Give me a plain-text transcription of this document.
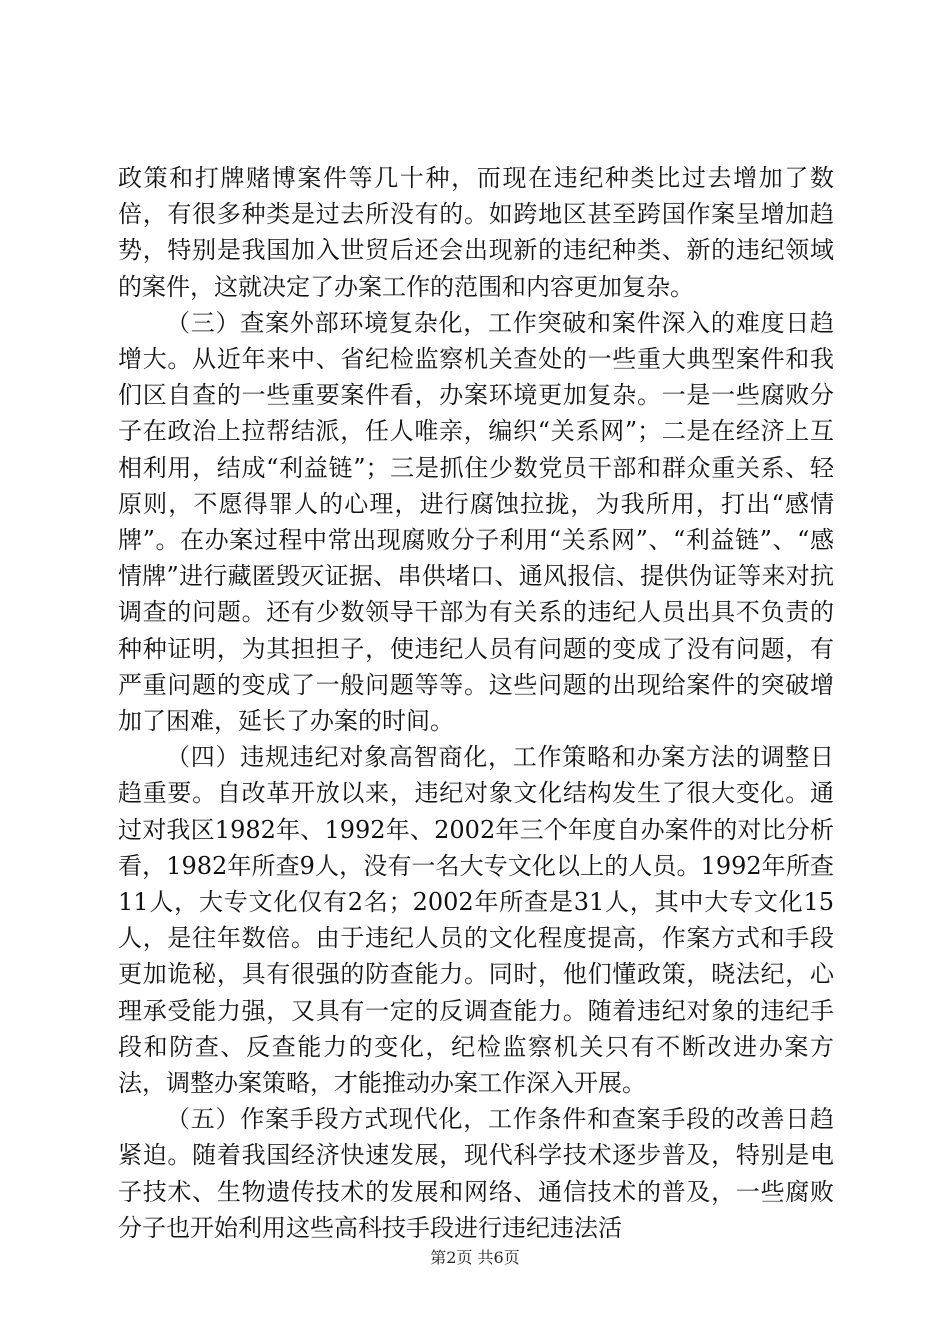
政策和打牌赌博案件等几十种，而现在违纪种类比过去增加了数倍，有很多种类是过去所没有的。如跨地区甚至跨国作案呈增加趋势，特别是我国加入世贸后还会出现新的违纪种类、新的违纪领域的案件，这就决定了办案工作的范围和内容更加复杂。

（三）查案外部环境复杂化，工作突破和案件深入的难度日趋增大。从近年来中、省纪检监察机关查处的一些重大典型案件和我们区自查的一些重要案件看，办案环境更加复杂。一是一些腐败分子在政治上拉帮结派，任人唯亲，编织“关系网”；二是在经济上互相利用，结成“利益链”；三是抓住少数党员干部和群众重关系、轻原则，不愿得罪人的心理，进行腐蚀拉拢，为我所用，打出“感情牌”。在办案过程中常出现腐败分子利用“关系网”、“利益链”、“感情牌”进行藏匿毁灭证据、串供堵口、通风报信、提供伪证等来对抗调查的问题。还有少数领导干部为有关系的违纪人员出具不负责的种种证明，为其担担子，使违纪人员有问题的变成了没有问题，有严重问题的变成了一般问题等等。这些问题的出现给案件的突破增加了困难，延长了办案的时间。

（四）违规违纪对象高智商化，工作策略和办案方法的调整日趋重要。自改革开放以来，违纪对象文化结构发生了很大变化。通过对我区1982年、1992年、2002年三个年度自办案件的对比分析看，1982年所查9人，没有一名大专文化以上的人员。1992年所查11人，大专文化仅有2名；2002年所查是31人，其中大专文化15人，是往年数倍。由于违纪人员的文化程度提高，作案方式和手段更加诡秘，具有很强的防查能力。同时，他们懂政策，晓法纪，心理承受能力强，又具有一定的反调查能力。随着违纪对象的违纪手段和防查、反查能力的变化，纪检监察机关只有不断改进办案方法，调整办案策略，才能推动办案工作深入开展。

（五）作案手段方式现代化，工作条件和查案手段的改善日趋紧迫。随着我国经济快速发展，现代科学技术逐步普及，特别是电子技术、生物遗传技术的发展和网络、通信技术的普及，一些腐败分子也开始利用这些高科技手段进行违纪违法活

第2页 共6页
